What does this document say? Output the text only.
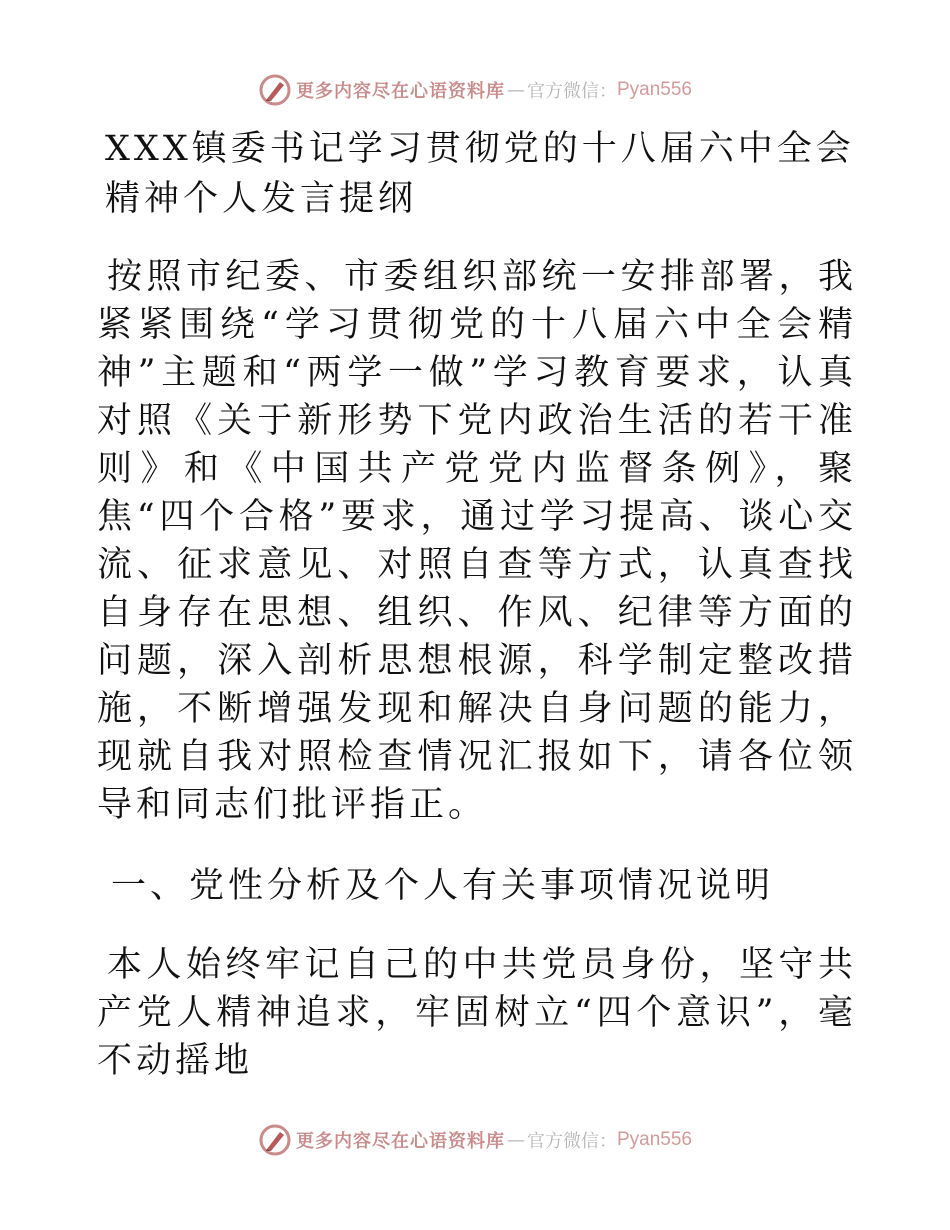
更多内容尽在心语资料库 — 官方微信： Pyan556

XXX镇委书记学习贯彻党的十八届六中全会精神个人发言提纲

按照市纪委、市委组织部统一安排部署，我紧紧围绕“学习贯彻党的十八届六中全会精神”主题和“两学一做”学习教育要求，认真对照《关于新形势下党内政治生活的若干准则》和《中国共产党党内监督条例》，聚焦“四个合格”要求，通过学习提高、谈心交流、征求意见、对照自查等方式，认真查找自身存在思想、组织、作风、纪律等方面的问题，深入剖析思想根源，科学制定整改措施，不断增强发现和解决自身问题的能力，现就自我对照检查情况汇报如下，请各位领导和同志们批评指正。

一、党性分析及个人有关事项情况说明

本人始终牢记自己的中共党员身份，坚守共产党人精神追求，牢固树立“四个意识”，毫不动摇地

更多内容尽在心语资料库 — 官方微信： Pyan556
